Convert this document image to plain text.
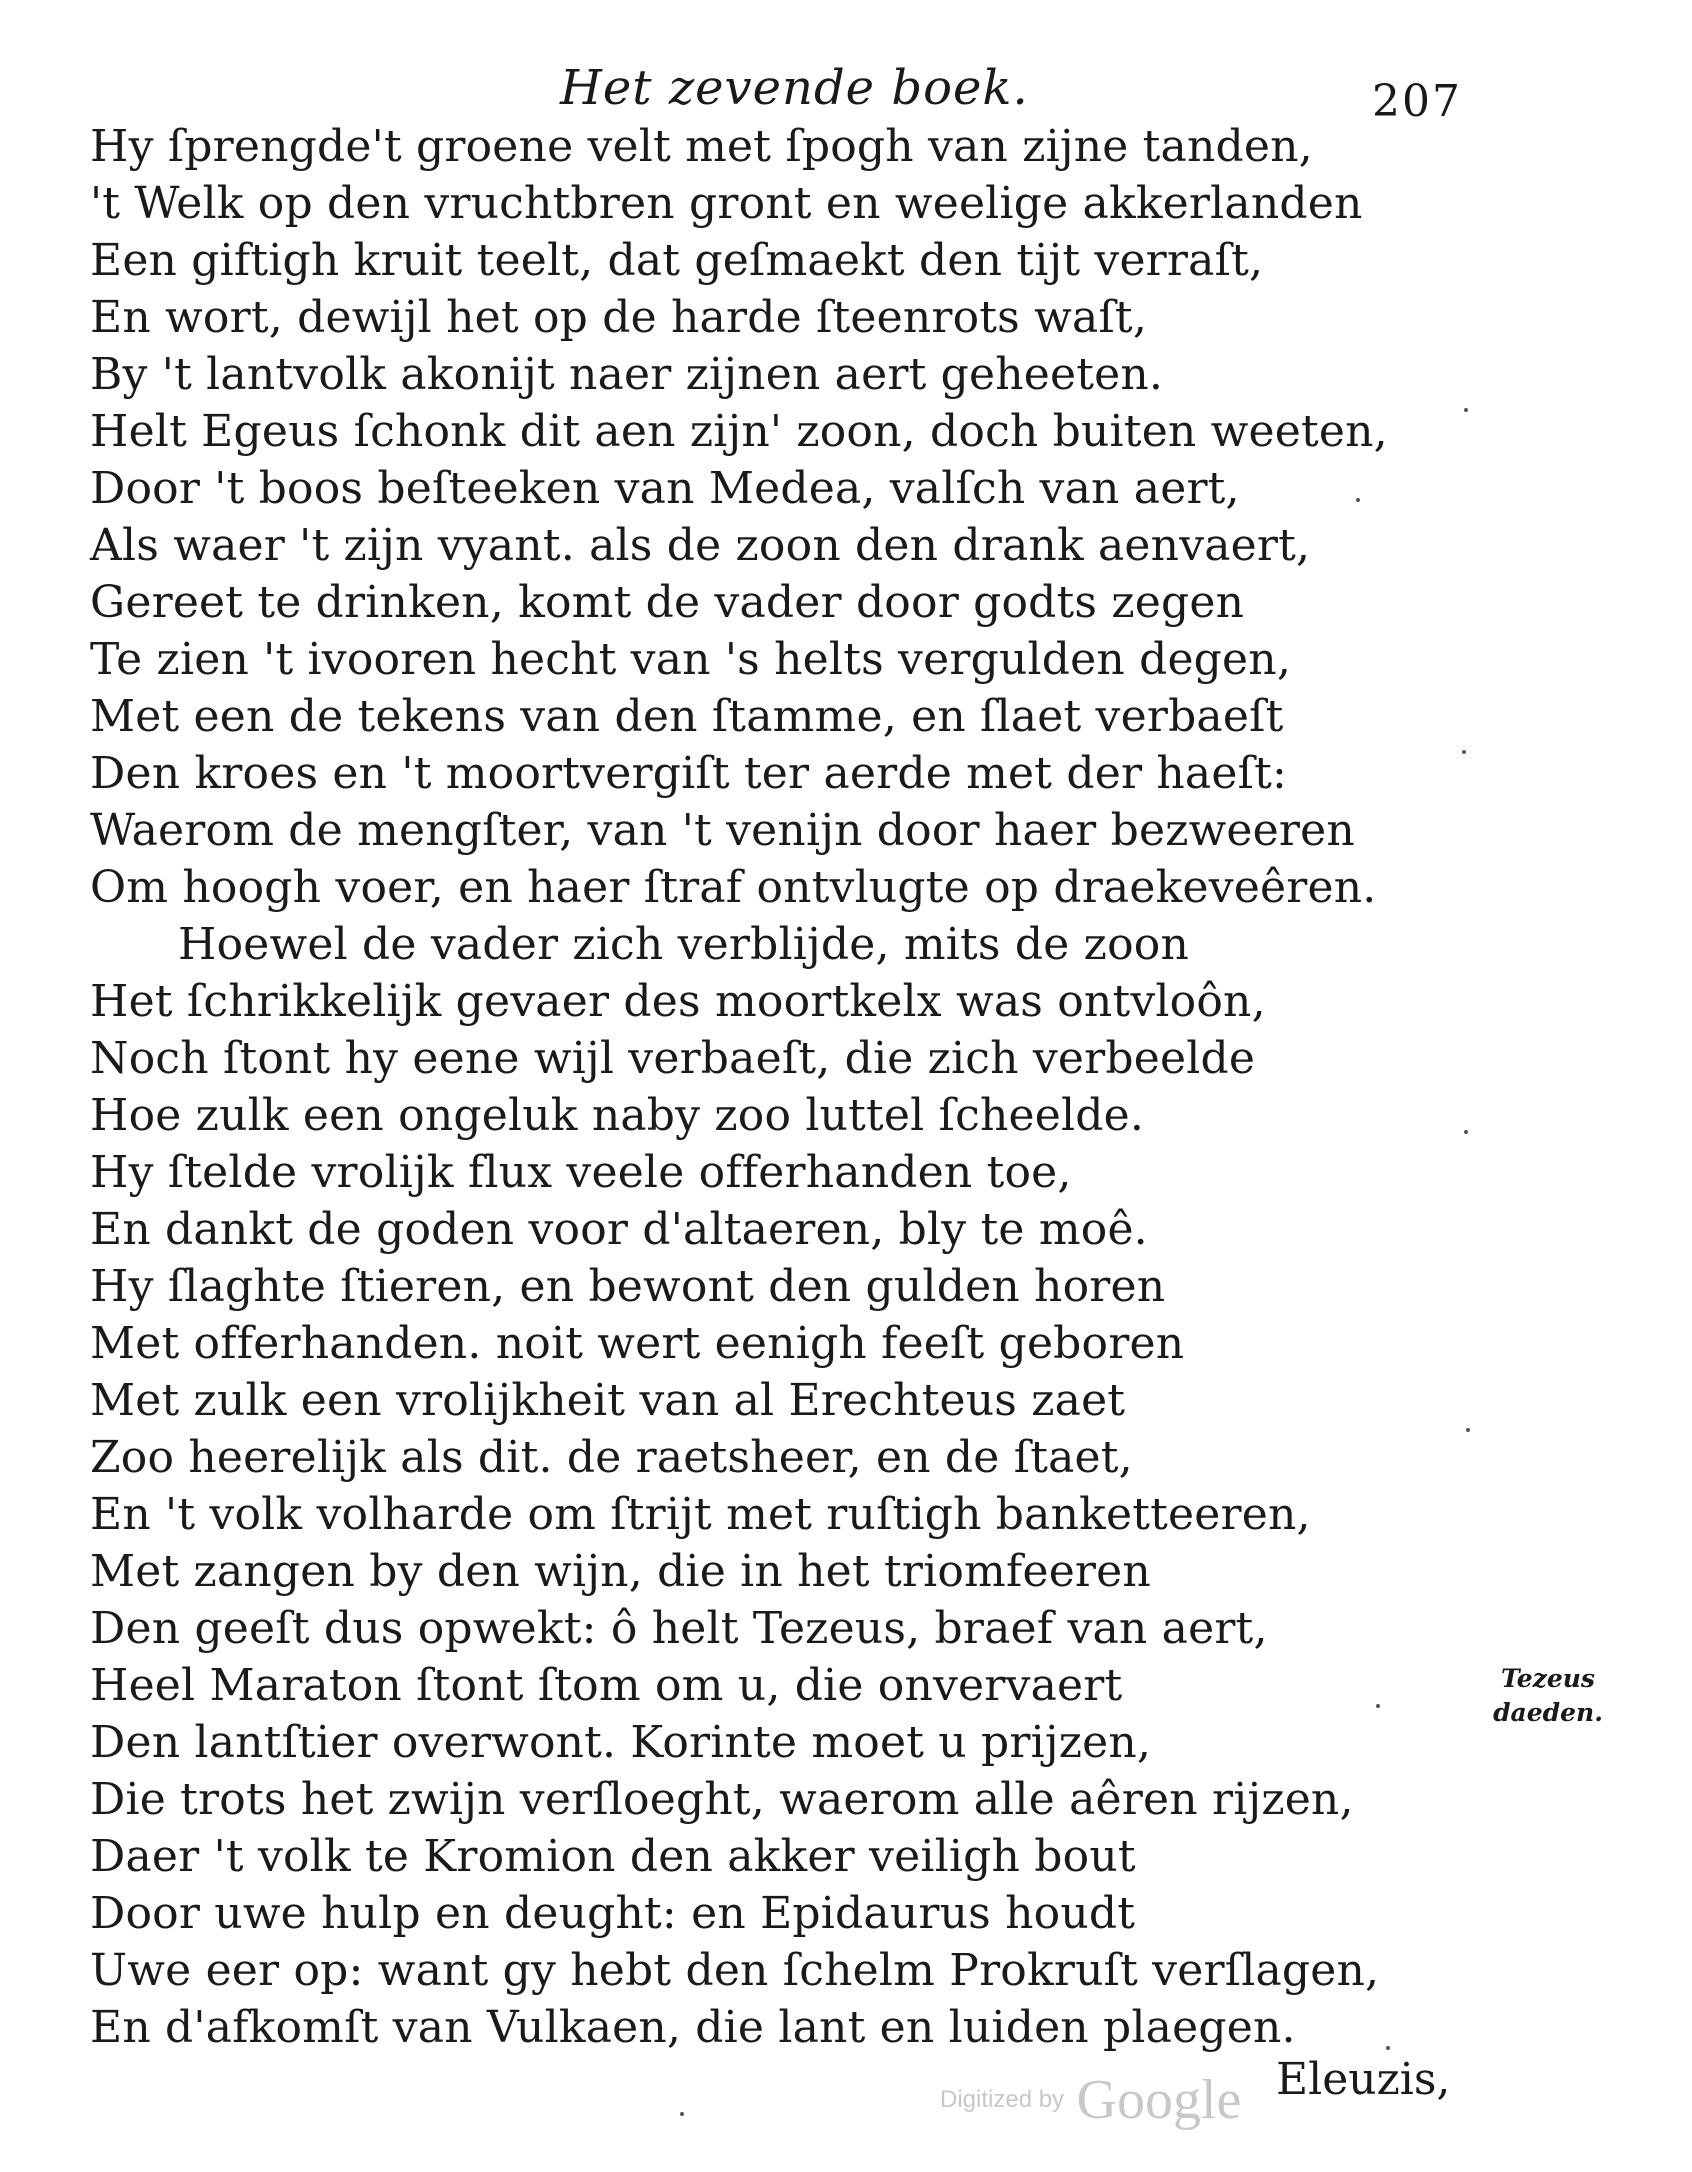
Het zevende boek.	207
Hy ſprengde't groene velt met ſpogh van zijne tanden,
't Welk op den vruchtbren gront en weelige akkerlanden
Een giftigh kruit teelt, dat geſmaekt den tijt verraſt,
En wort, dewijl het op de harde ſteenrots waſt,
By 't lantvolk akonijt naer zijnen aert geheeten.
Helt Egeus ſchonk dit aen zijn' zoon, doch buiten weeten,
Door 't boos beſteeken van Medea, valſch van aert,
Als waer 't zijn vyant. als de zoon den drank aenvaert,
Gereet te drinken, komt de vader door godts zegen
Te zien 't ivooren hecht van 's helts vergulden degen,
Met een de tekens van den ſtamme, en ſlaet verbaeſt
Den kroes en 't moortvergiſt ter aerde met der haeſt:
Waerom de mengſter, van 't venijn door haer bezweeren
Om hoogh voer, en haer ſtraf ontvlugte op draekeveêren.
Hoewel de vader zich verblijde, mits de zoon
Het ſchrikkelijk gevaer des moortkelx was ontvloôn,
Noch ſtont hy eene wijl verbaeſt, die zich verbeelde
Hoe zulk een ongeluk naby zoo luttel ſcheelde.
Hy ſtelde vrolijk flux veele offerhanden toe,
En dankt de goden voor d'altaeren, bly te moê.
Hy ſlaghte ſtieren, en bewont den gulden horen
Met offerhanden. noit wert eenigh feeſt geboren
Met zulk een vrolijkheit van al Erechteus zaet
Zoo heerelijk als dit. de raetsheer, en de ſtaet,
En 't volk volharde om ſtrijt met ruſtigh banketteeren,
Met zangen by den wijn, die in het triomfeeren
Den geeſt dus opwekt: ô helt Tezeus, braef van aert,
Heel Maraton ſtont ſtom om u, die onvervaert
Den lantſtier overwont. Korinte moet u prijzen,
Die trots het zwijn verſloeght, waerom alle aêren rijzen,
Daer 't volk te Kromion den akker veiligh bout
Door uwe hulp en deught: en Epidaurus houdt
Uwe eer op: want gy hebt den ſchelm Prokruſt verſlagen,
En d'afkomſt van Vulkaen, die lant en luiden plaegen.
Tezeus
daeden.
Digitized by Google Eleuzis,
